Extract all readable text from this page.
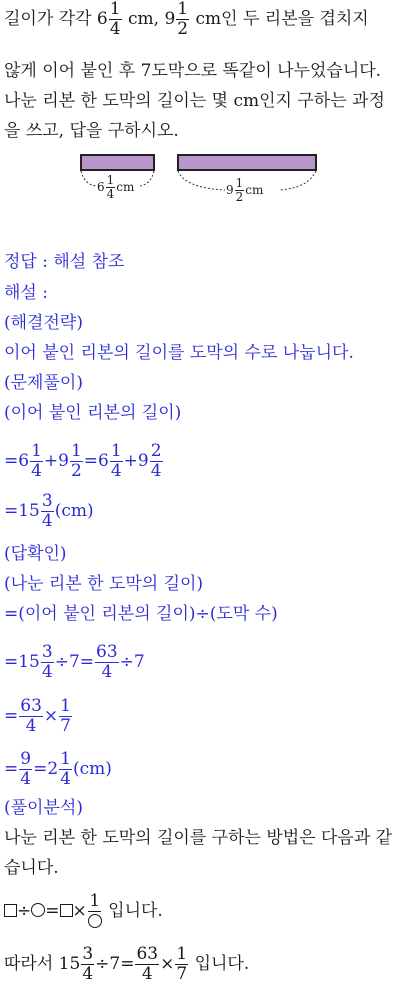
길이가 각각 $6 \frac{1}{4}$ cm, $9 \frac{1}{2}$ cm인 두 리본을 겹치지
않게 이어 붙인 후 7도막으로 똑같이 나누었습니다.
나눈 리본 한 도막의 길이는 몇 cm인지 구하는 과정
을 쓰고, 답을 구하시오.
$6 \frac{1}{4}$ cm	$9 \frac{1}{2}$ cm
정답 : 해설 참조
해설 :
(해결전략)
이어 붙인 리본의 길이를 도막의 수로 나눕니다.
(문제풀이)
(이어 붙인 리본의 길이)
$=6 \frac{1}{4} +9 \frac{1}{2} =6 \frac{1}{4} +9 \frac{2}{4}$
$=15 \frac{3}{4} (cm)$
(답확인)
(나눈 리본 한 도막의 길이)
=(이어 붙인 리본의 길이)÷(도막 수)
$=15 \frac{3}{4} \div 7= \frac{63}{4} \div 7$
= $\frac{63}{4} \times \frac{1}{7}$
= $\frac{9}{4} =2 \frac{1}{4} (cm)$
(풀이분석)
나눈 리본 한 도막의 길이를 구하는 방법은 다음과 같
습니다.
÷ = × 1 입니다.
따라서 $15 \frac{3}{4} \div 7= \frac{63}{4} \times \frac{1}{7}$ 입니다.
